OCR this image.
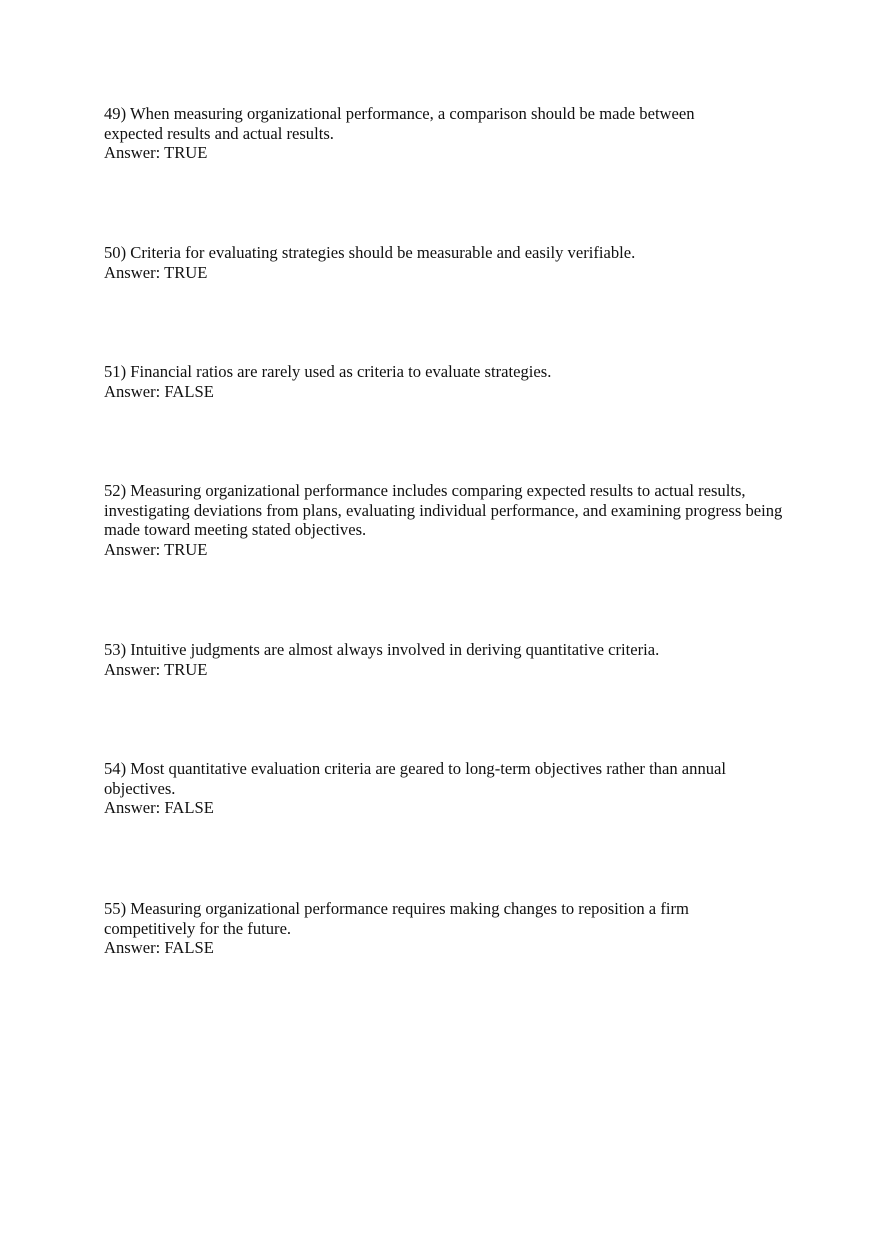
49) When measuring organizational performance, a comparison should be made between expected results and actual results.
Answer: TRUE
50) Criteria for evaluating strategies should be measurable and easily verifiable.
Answer: TRUE
51) Financial ratios are rarely used as criteria to evaluate strategies.
Answer: FALSE
52) Measuring organizational performance includes comparing expected results to actual results, investigating deviations from plans, evaluating individual performance, and examining progress being made toward meeting stated objectives.
Answer: TRUE
53) Intuitive judgments are almost always involved in deriving quantitative criteria.
Answer: TRUE
54) Most quantitative evaluation criteria are geared to long-term objectives rather than annual objectives.
Answer: FALSE
55) Measuring organizational performance requires making changes to reposition a firm competitively for the future.
Answer: FALSE
